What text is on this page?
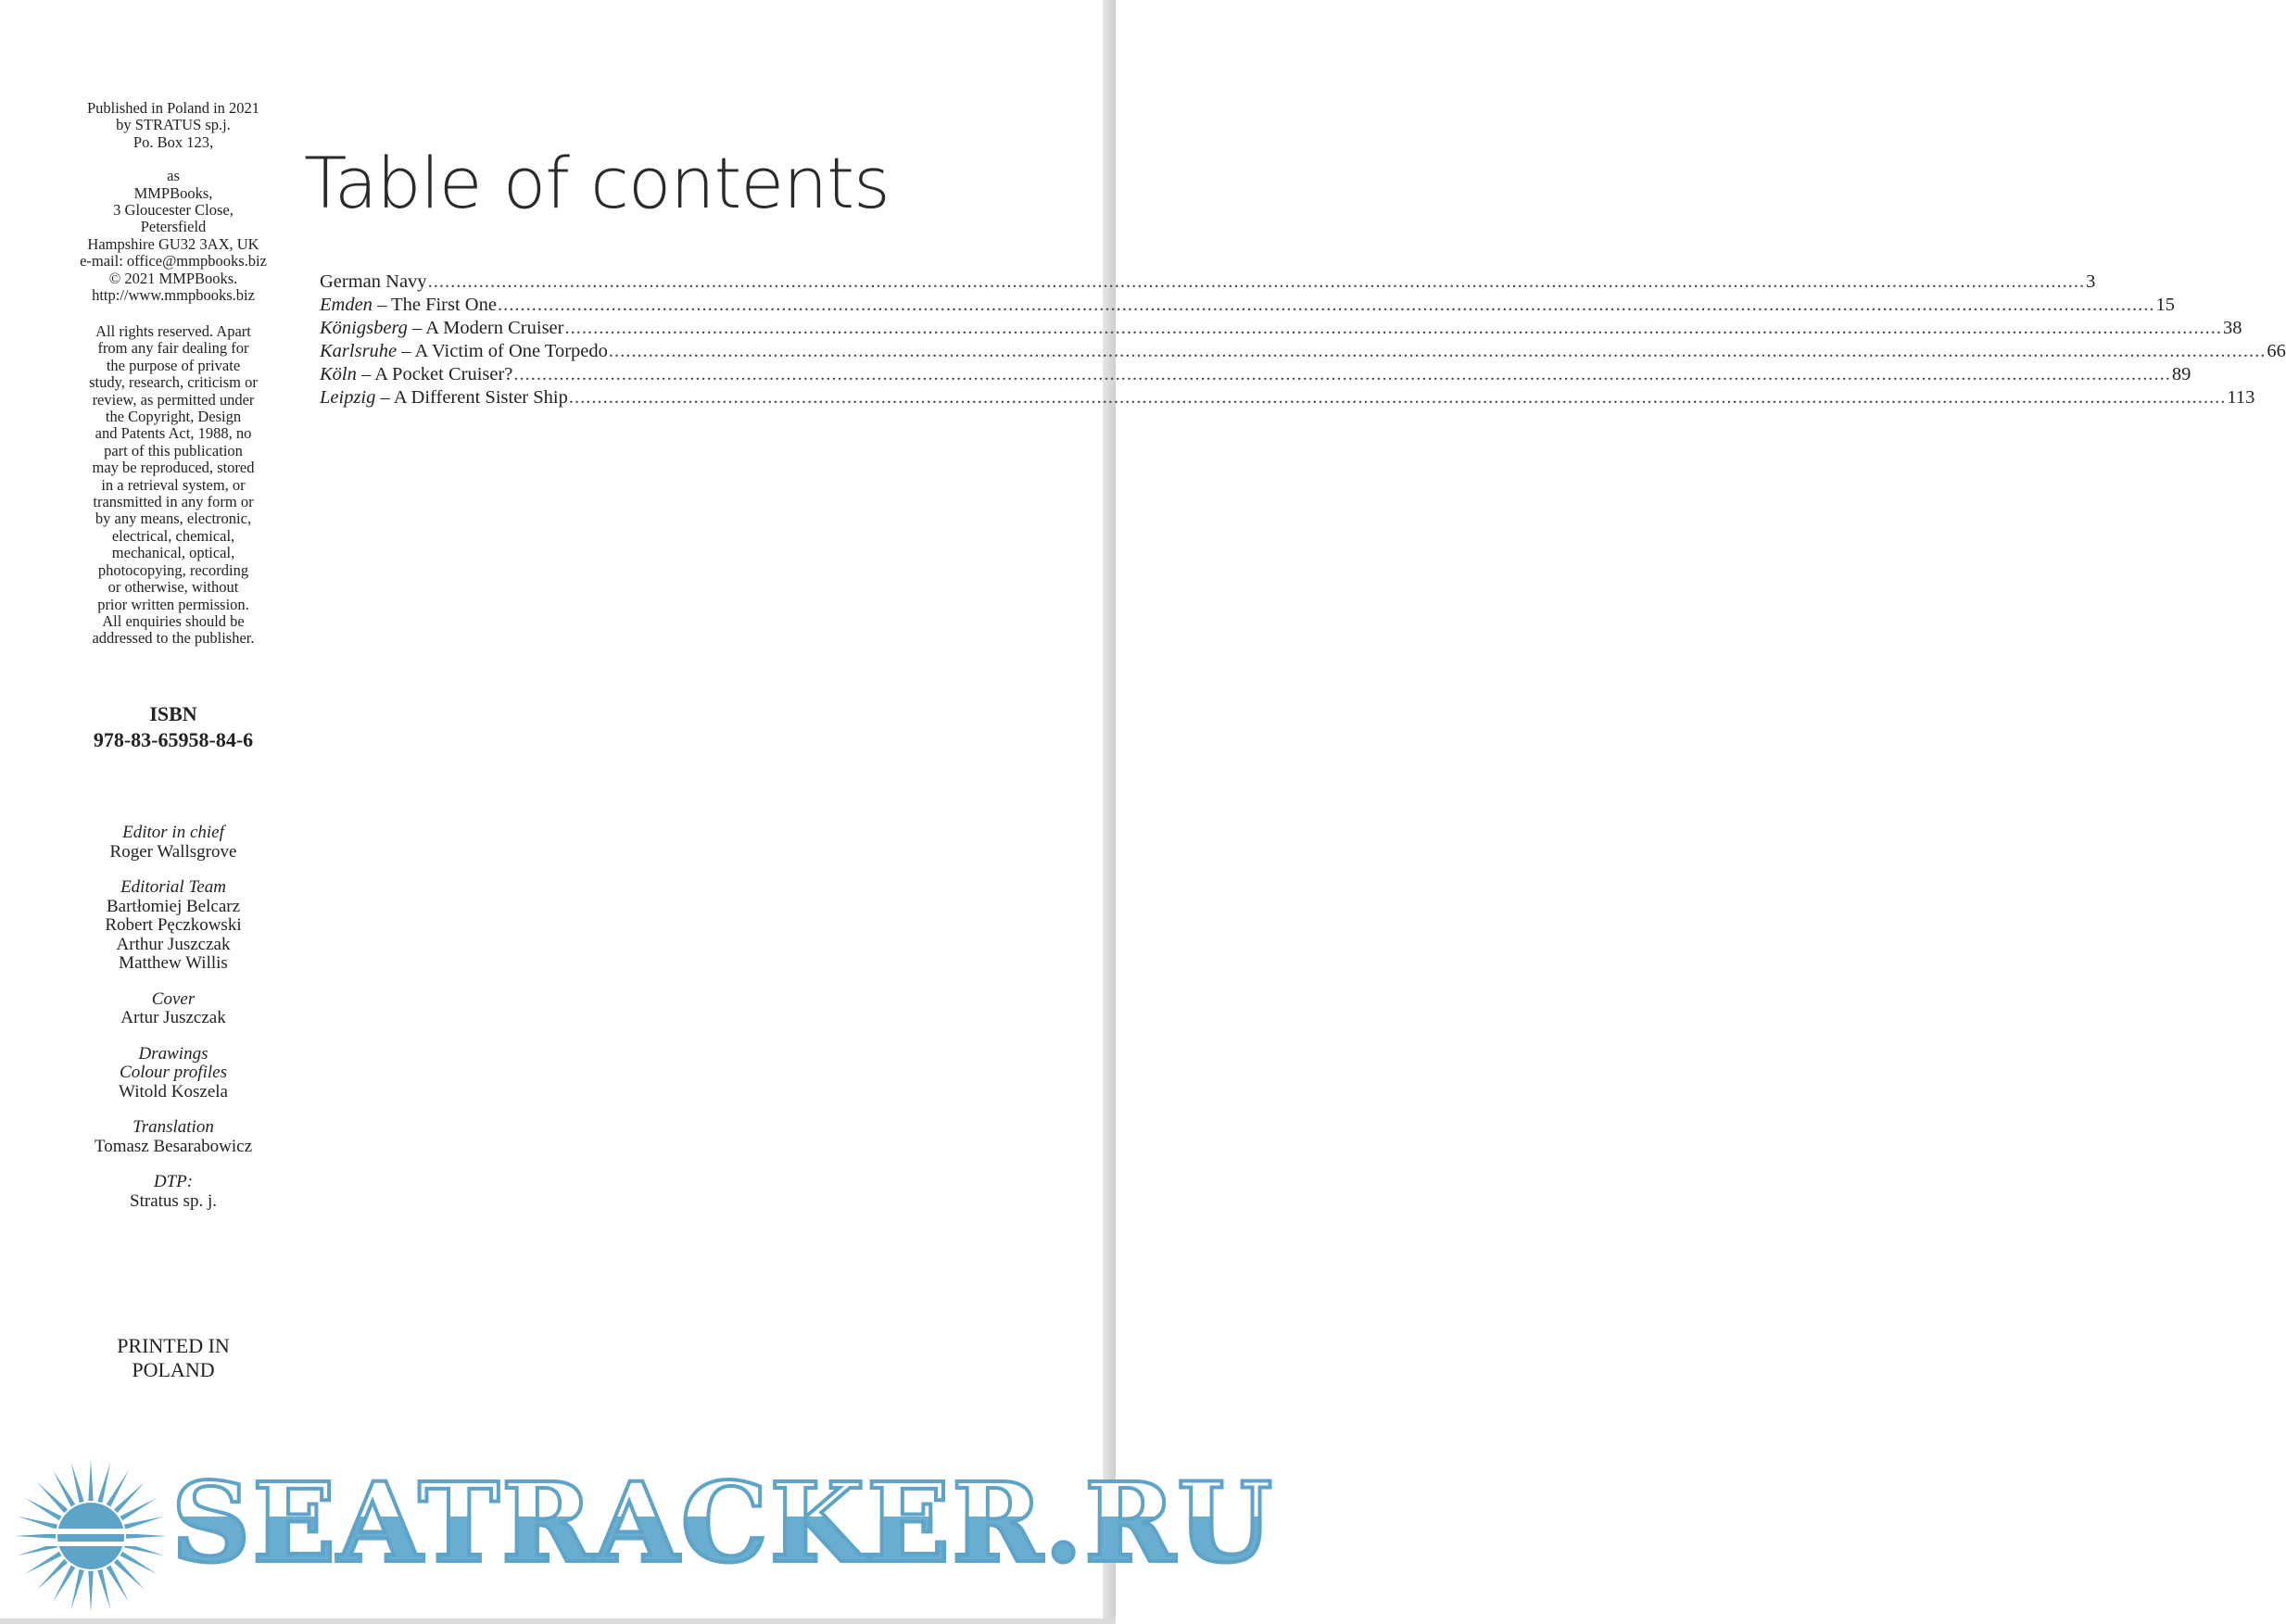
Published in Poland in 2021
by STRATUS sp.j.
Po. Box 123,
as
MMPBooks,
3 Gloucester Close,
Petersfield
Hampshire GU32 3AX, UK
e-mail: office@mmpbooks.biz
© 2021 MMPBooks.
http://www.mmpbooks.biz
All rights reserved. Apart
from any fair dealing for
the purpose of private
study, research, criticism or
review, as permitted under
the Copyright, Design
and Patents Act, 1988, no
part of this publication
may be reproduced, stored
in a retrieval system, or
transmitted in any form or
by any means, electronic,
electrical, chemical,
mechanical, optical,
photocopying, recording
or otherwise, without
prior written permission.
All enquiries should be
addressed to the publisher.
ISBN
978-83-65958-84-6
Editor in chief
Roger Wallsgrove
Editorial Team
Bartłomiej Belcarz
Robert Pęczkowski
Arthur Juszczak
Matthew Willis
Cover
Artur Juszczak
Drawings
Colour profiles
Witold Koszela
Translation
Tomasz Besarabowicz
DTP:
Stratus sp. j.
PRINTED IN
POLAND
Table of contents
German Navy .....	3
Emden – The First One .....	15
Königsberg – A Modern Cruiser .....	38
Karlsruhe – A Victim of One Torpedo .....	66
Köln – A Pocket Cruiser? .....	89
Leipzig – A Different Sister Ship .....	113
SEATRACKER.RU
